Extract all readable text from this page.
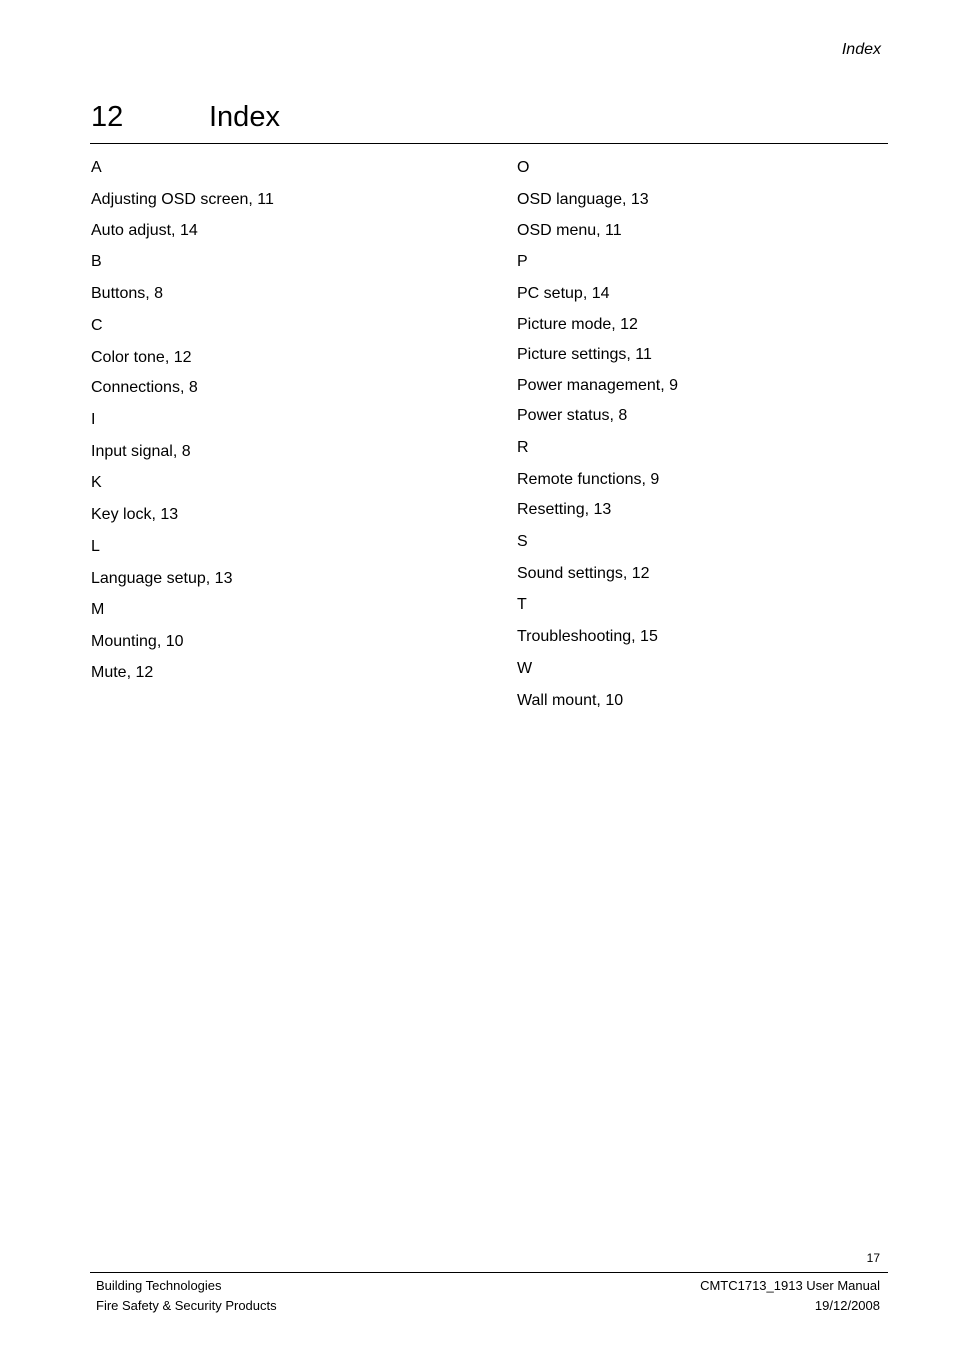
Index
12	Index
A
Adjusting OSD screen, 11
Auto adjust, 14
B
Buttons, 8
C
Color tone, 12
Connections, 8
I
Input signal, 8
K
Key lock, 13
L
Language setup, 13
M
Mounting, 10
Mute, 12
O
OSD language, 13
OSD menu, 11
P
PC setup, 14
Picture mode, 12
Picture settings, 11
Power management, 9
Power status, 8
R
Remote functions, 9
Resetting, 13
S
Sound settings, 12
T
Troubleshooting, 15
W
Wall mount, 10
17
Building Technologies
Fire Safety & Security Products
CMTC1713_1913 User Manual
19/12/2008
